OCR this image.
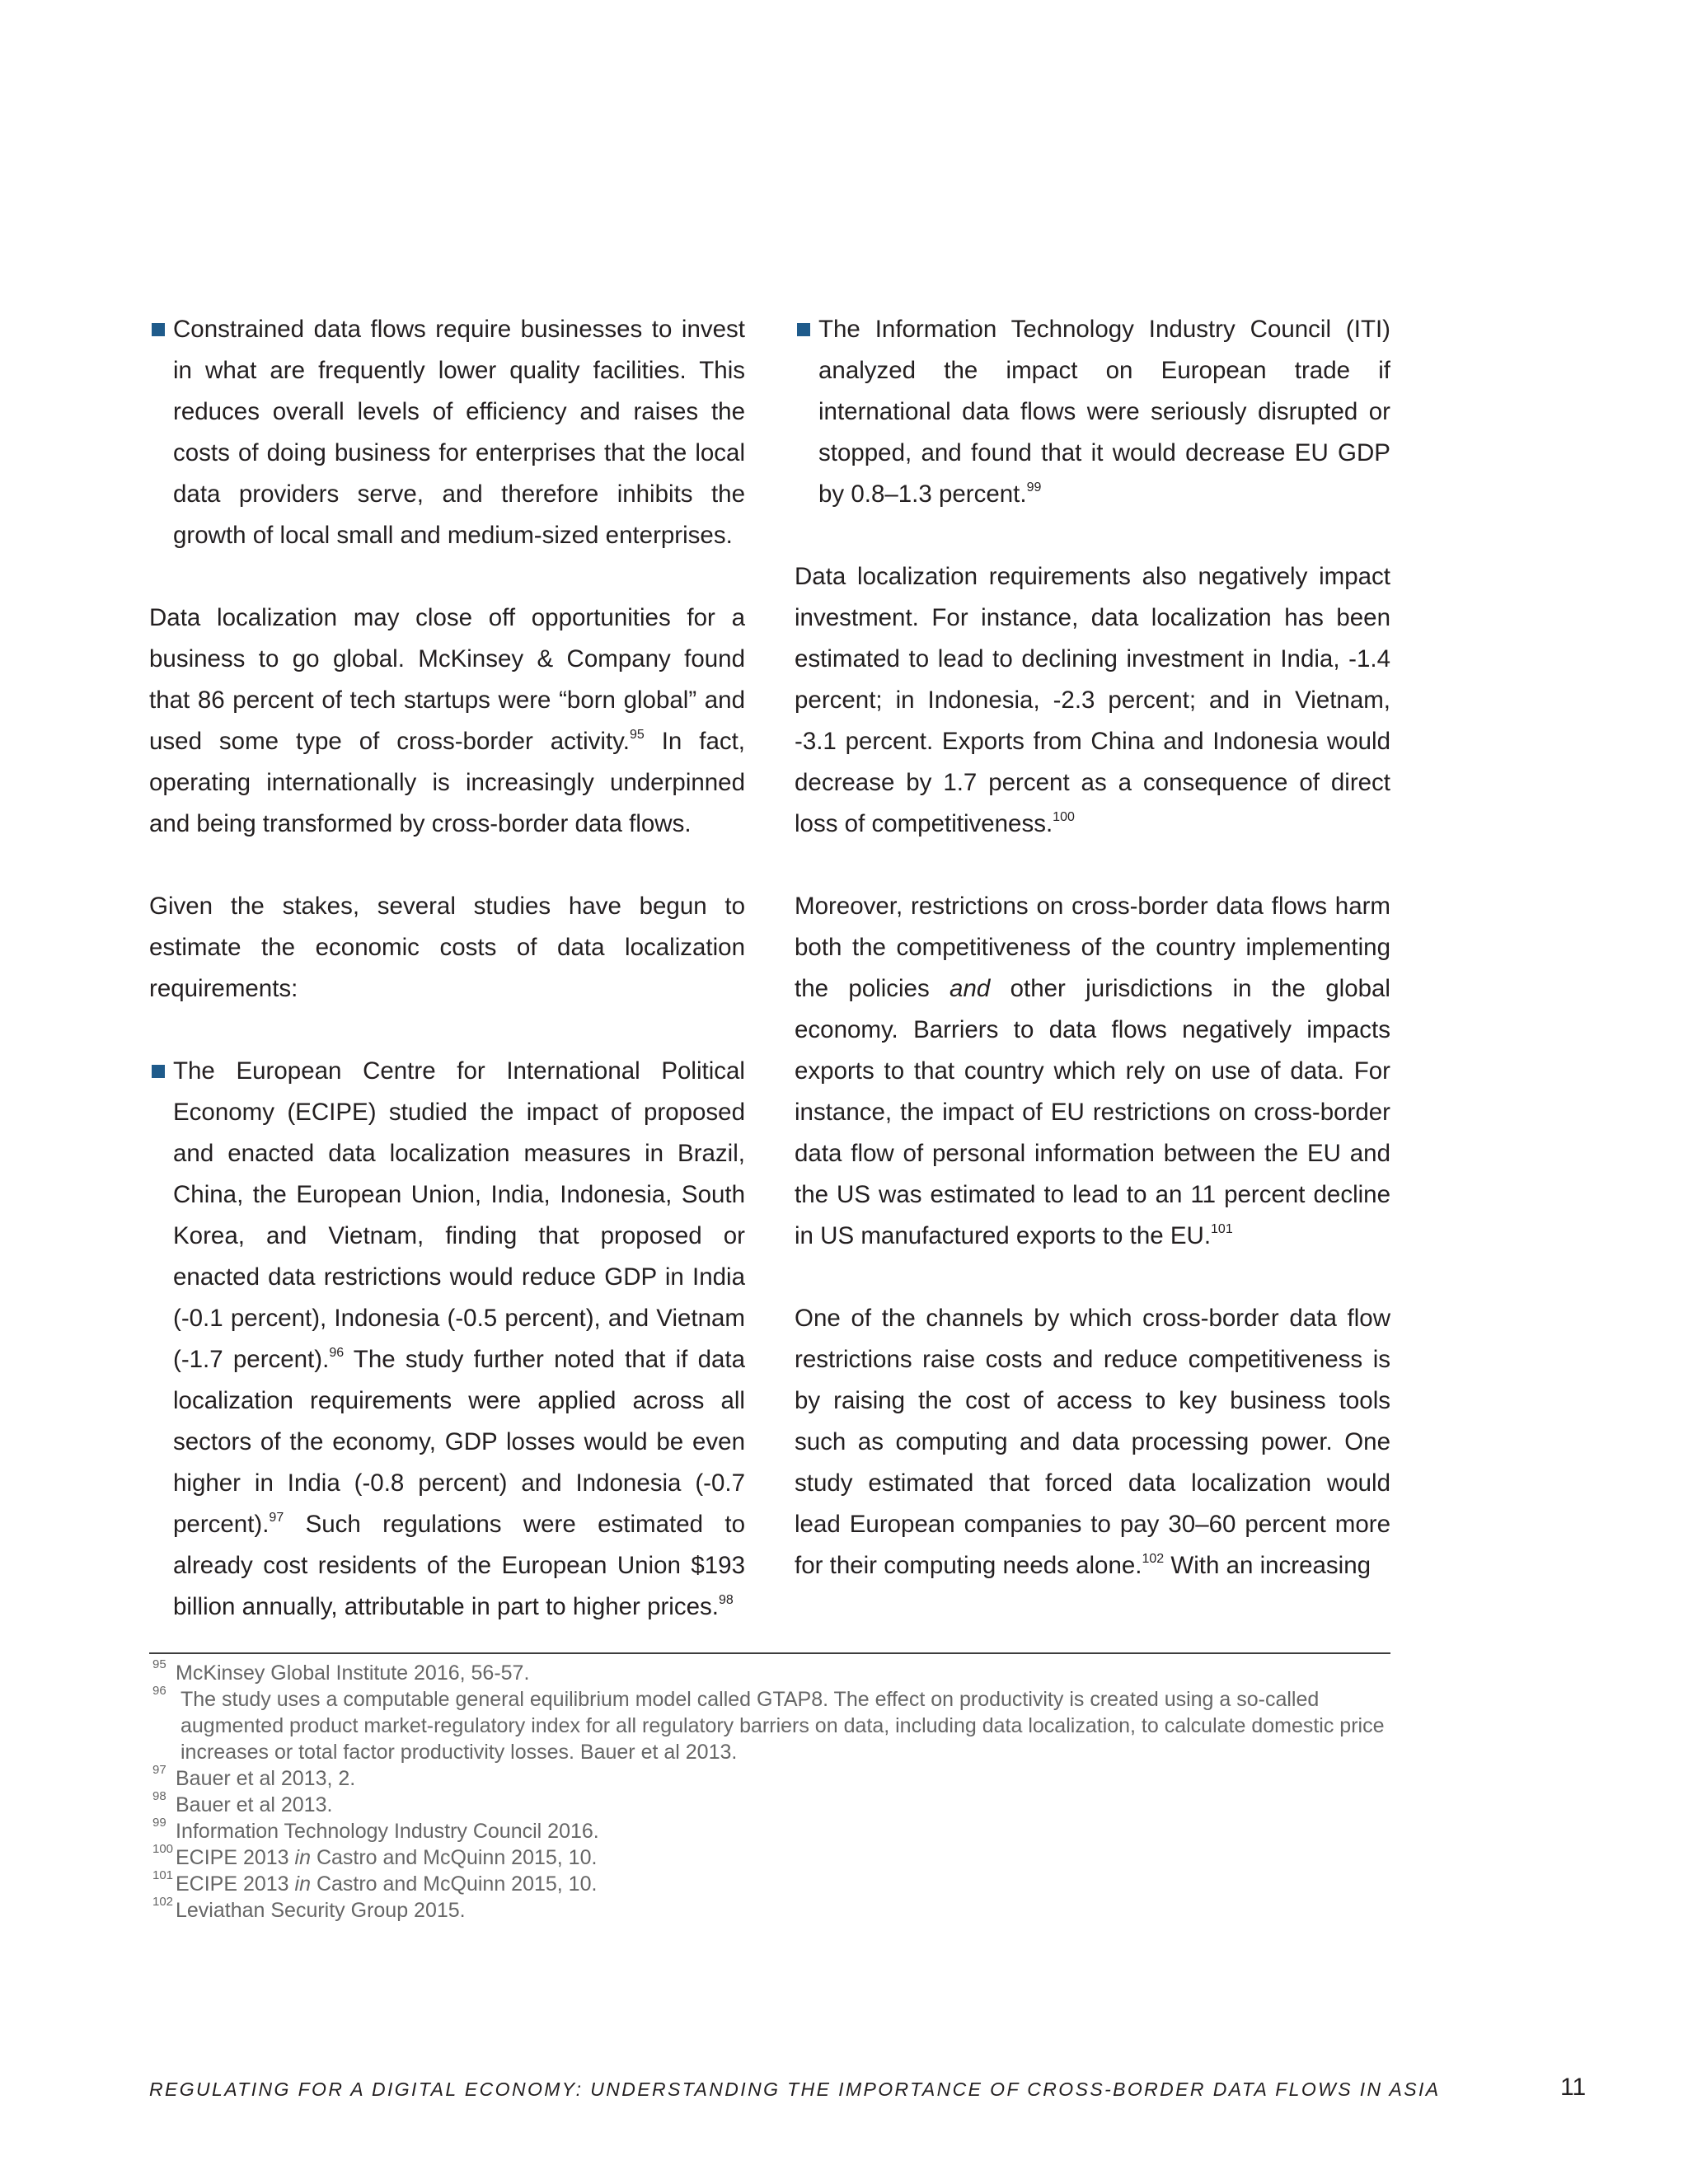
Constrained data flows require businesses to invest in what are frequently lower quality facilities. This reduces overall levels of efficiency and raises the costs of doing business for enterprises that the local data providers serve, and therefore inhibits the growth of local small and medium-sized enterprises.

Data localization may close off opportunities for a business to go global. McKinsey & Company found that 86 percent of tech startups were “born global” and used some type of cross-border activity.$^{95}$ In fact, operating internationally is increasingly underpinned and being transformed by cross-border data flows.

Given the stakes, several studies have begun to estimate the economic costs of data localization requirements:

The European Centre for International Political Economy (ECIPE) studied the impact of proposed and enacted data localization measures in Brazil, China, the European Union, India, Indonesia, South Korea, and Vietnam, finding that proposed or enacted data restrictions would reduce GDP in India (-0.1 percent), Indonesia (-0.5 percent), and Vietnam (-1.7 percent).$^{96}$ The study further noted that if data localization requirements were applied across all sectors of the economy, GDP losses would be even higher in India (-0.8 percent) and Indonesia (-0.7 percent).$^{97}$ Such regulations were estimated to already cost residents of the European Union $193 billion annually, attributable in part to higher prices.$^{98}$
The Information Technology Industry Council (ITI) analyzed the impact on European trade if international data flows were seriously disrupted or stopped, and found that it would decrease EU GDP by 0.8–1.3 percent.$^{99}$

Data localization requirements also negatively impact investment. For instance, data localization has been estimated to lead to declining investment in India, -1.4 percent; in Indonesia, -2.3 percent; and in Vietnam, -3.1 percent. Exports from China and Indonesia would decrease by 1.7 percent as a consequence of direct loss of competitiveness.$^{100}$

Moreover, restrictions on cross-border data flows harm both the competitiveness of the country implementing the policies and other jurisdictions in the global economy. Barriers to data flows negatively impacts exports to that country which rely on use of data. For instance, the impact of EU restrictions on cross-border data flow of personal information between the EU and the US was estimated to lead to an 11 percent decline in US manufactured exports to the EU.$^{101}$

One of the channels by which cross-border data flow restrictions raise costs and reduce competitiveness is by raising the cost of access to key business tools such as computing and data processing power. One study estimated that forced data localization would lead European companies to pay 30–60 percent more for their computing needs alone.$^{102}$ With an increasing

95 McKinsey Global Institute 2016, 56-57.
96 The study uses a computable general equilibrium model called GTAP8. The effect on productivity is created using a so-called augmented product market-regulatory index for all regulatory barriers on data, including data localization, to calculate domestic price increases or total factor productivity losses. Bauer et al 2013.
97 Bauer et al 2013, 2.
98 Bauer et al 2013.
99 Information Technology Industry Council 2016.
100 ECIPE 2013 in Castro and McQuinn 2015, 10.
101 ECIPE 2013 in Castro and McQuinn 2015, 10.
102 Leviathan Security Group 2015.
REGULATING FOR A DIGITAL ECONOMY: UNDERSTANDING THE IMPORTANCE OF CROSS-BORDER DATA FLOWS IN ASIA	11
